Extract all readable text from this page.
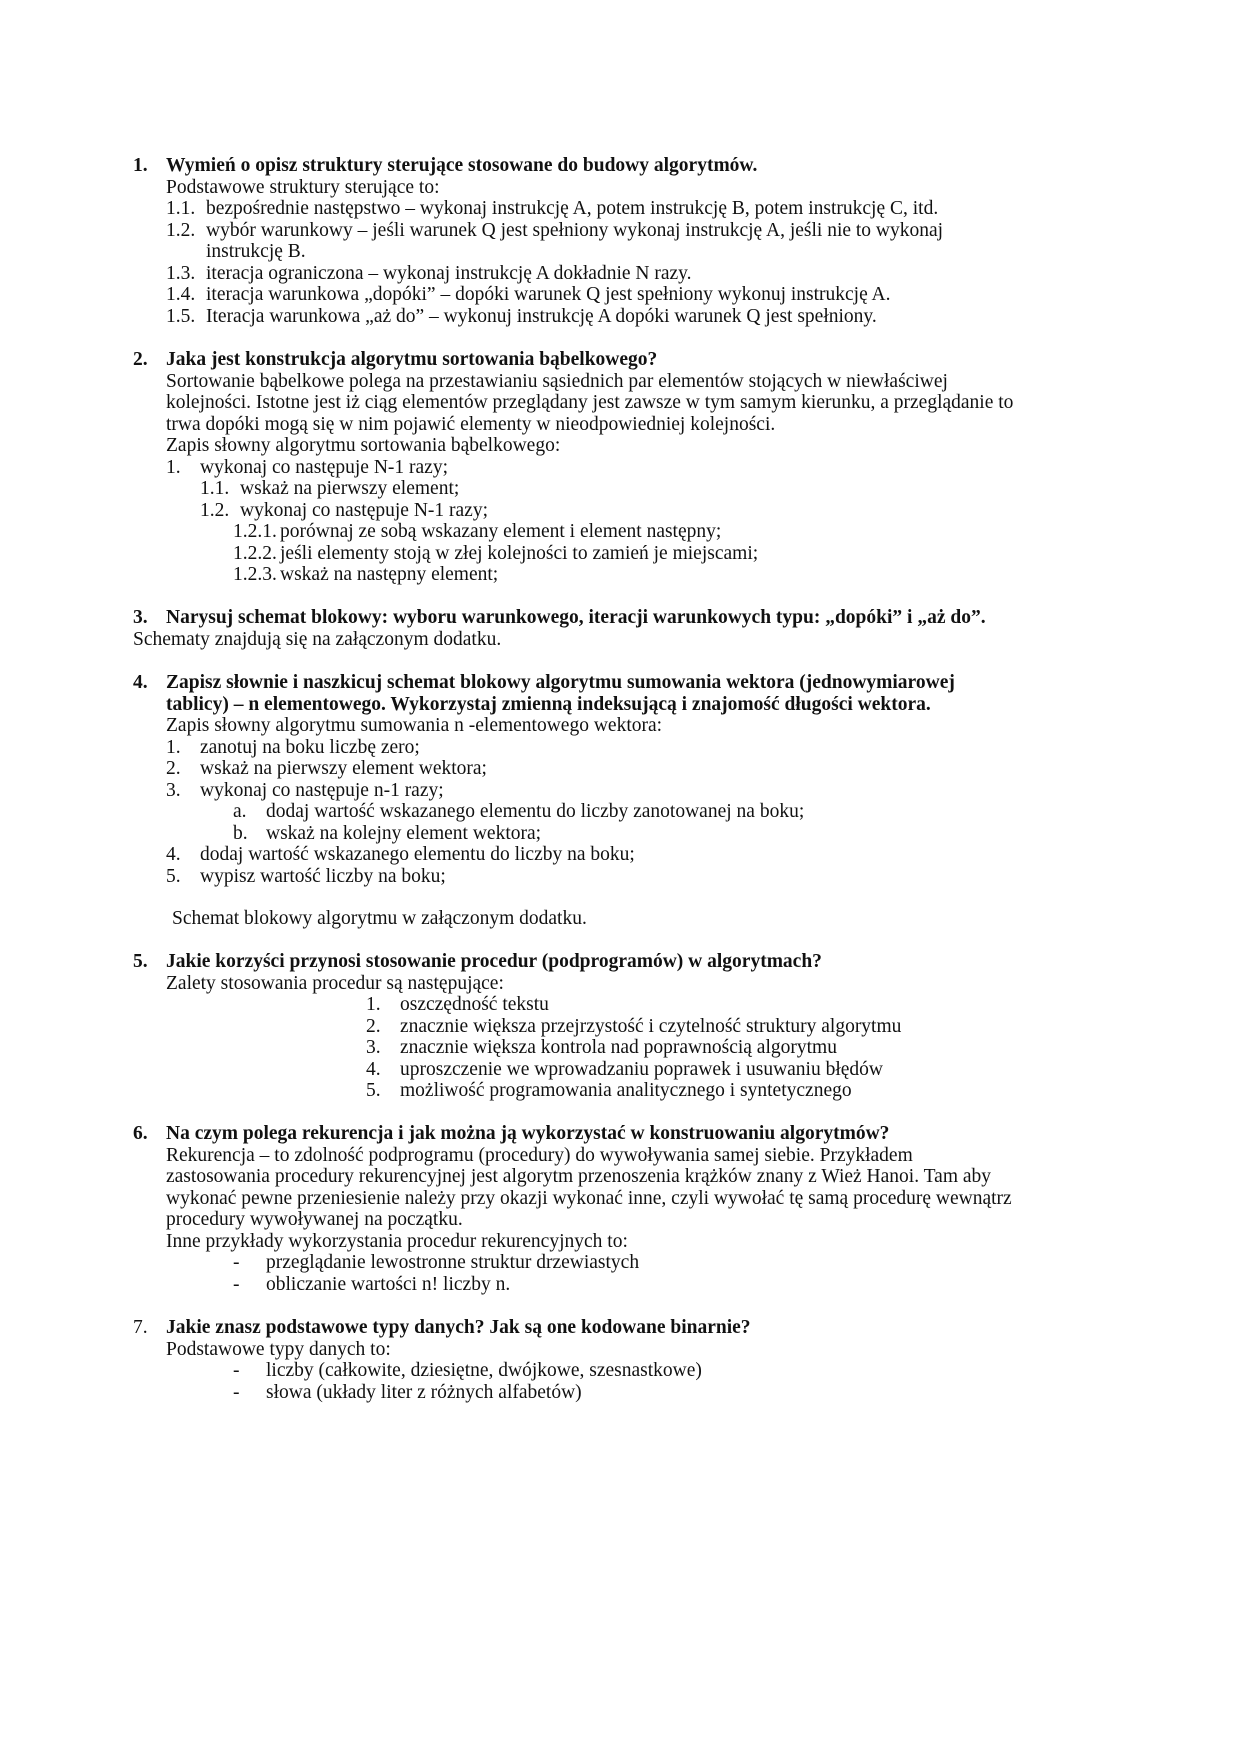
1. Wymień o opisz struktury sterujące stosowane do budowy algorytmów.
Podstawowe struktury sterujące to:
1.1. bezpośrednie następstwo – wykonaj instrukcję A, potem instrukcję B, potem instrukcję C, itd.
1.2. wybór warunkowy – jeśli warunek Q jest spełniony wykonaj instrukcję A, jeśli nie to wykonaj
instrukcję B.
1.3. iteracja ograniczona – wykonaj instrukcję A dokładnie N razy.
1.4. iteracja warunkowa „dopóki” – dopóki warunek Q jest spełniony wykonuj instrukcję A.
1.5. Iteracja warunkowa „aż do” – wykonuj instrukcję A dopóki warunek Q jest spełniony.
2. Jaka jest konstrukcja algorytmu sortowania bąbelkowego?
Sortowanie bąbelkowe polega na przestawianiu sąsiednich par elementów stojących w niewłaściwej
kolejności. Istotne jest iż ciąg elementów przeglądany jest zawsze w tym samym kierunku, a przeglądanie to
trwa dopóki mogą się w nim pojawić elementy w nieodpowiedniej kolejności.
Zapis słowny algorytmu sortowania bąbelkowego:
1. wykonaj co następuje N-1 razy;
1.1. wskaż na pierwszy element;
1.2. wykonaj co następuje N-1 razy;
1.2.1. porównaj ze sobą wskazany element i element następny;
1.2.2. jeśli elementy stoją w złej kolejności to zamień je miejscami;
1.2.3. wskaż na następny element;
3. Narysuj schemat blokowy: wyboru warunkowego, iteracji warunkowych typu: „dopóki” i „aż do”.
Schematy znajdują się na załączonym dodatku.
4. Zapisz słownie i naszkicuj schemat blokowy algorytmu sumowania wektora (jednowymiarowej
tablicy) – n elementowego. Wykorzystaj zmienną indeksującą i znajomość długości wektora.
Zapis słowny algorytmu sumowania n -elementowego wektora:
1. zanotuj na boku liczbę zero;
2. wskaż na pierwszy element wektora;
3. wykonaj co następuje n-1 razy;
a. dodaj wartość wskazanego elementu do liczby zanotowanej na boku;
b. wskaż na kolejny element wektora;
4. dodaj wartość wskazanego elementu do liczby na boku;
5. wypisz wartość liczby na boku;
Schemat blokowy algorytmu w załączonym dodatku.
5. Jakie korzyści przynosi stosowanie procedur (podprogramów) w algorytmach?
Zalety stosowania procedur są następujące:
1. oszczędność tekstu
2. znacznie większa przejrzystość i czytelność struktury algorytmu
3. znacznie większa kontrola nad poprawnością algorytmu
4. uproszczenie we wprowadzaniu poprawek i usuwaniu błędów
5. możliwość programowania analitycznego i syntetycznego
6. Na czym polega rekurencja i jak można ją wykorzystać w konstruowaniu algorytmów?
Rekurencja – to zdolność podprogramu (procedury) do wywoływania samej siebie. Przykładem
zastosowania procedury rekurencyjnej jest algorytm przenoszenia krążków znany z Wież Hanoi. Tam aby
wykonać pewne przeniesienie należy przy okazji wykonać inne, czyli wywołać tę samą procedurę wewnątrz
procedury wywoływanej na początku.
Inne przykłady wykorzystania procedur rekurencyjnych to:
- przeglądanie lewostronne struktur drzewiastych
- obliczanie wartości n! liczby n.
7. Jakie znasz podstawowe typy danych? Jak są one kodowane binarnie?
Podstawowe typy danych to:
- liczby (całkowite, dziesiętne, dwójkowe, szesnastkowe)
- słowa (układy liter z różnych alfabetów)
